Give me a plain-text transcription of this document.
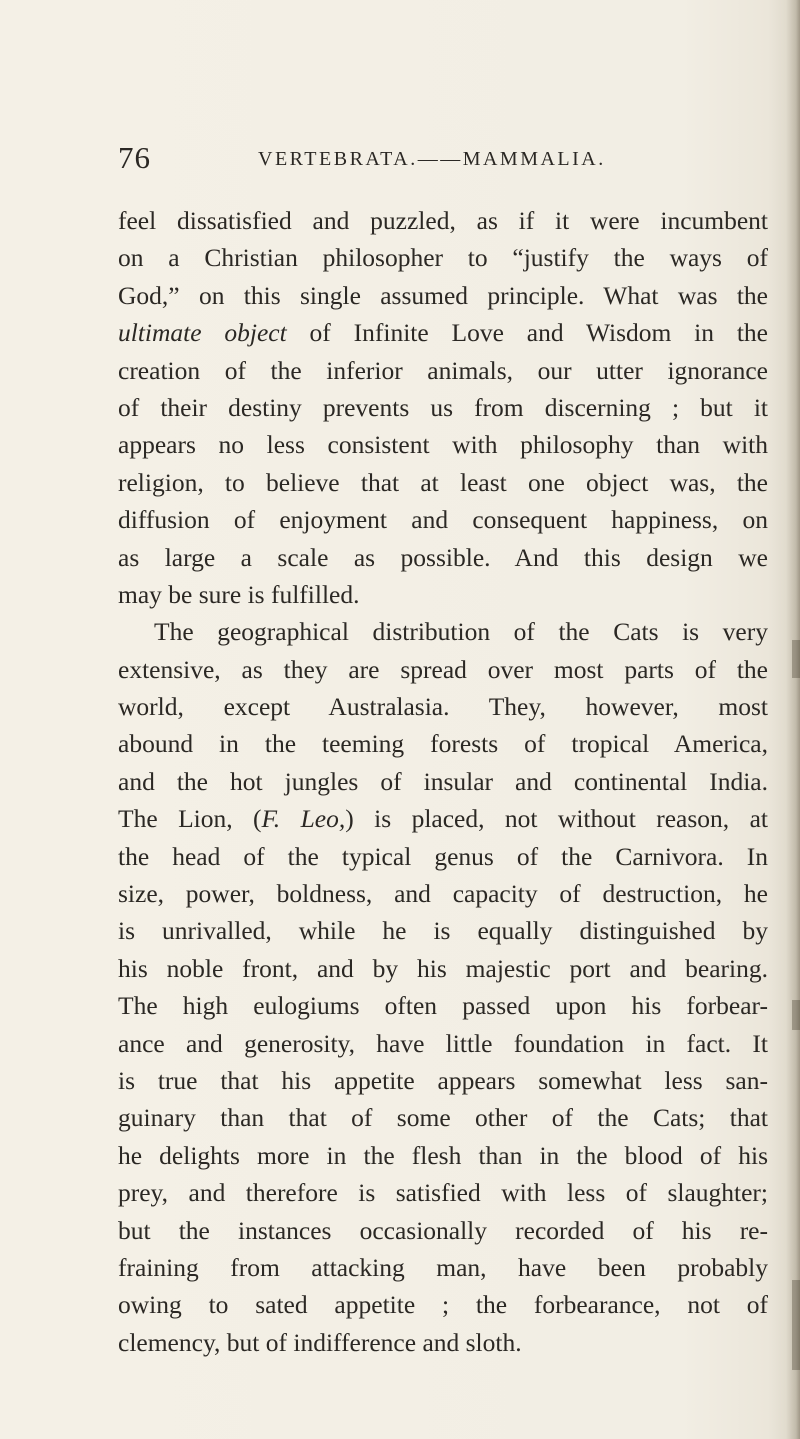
76	VERTEBRATA.——MAMMALIA.
feel dissatisfied and puzzled, as if it were incumbent
on a Christian philosopher to “justify the ways of
God,” on this single assumed principle. What was the
ultimate object of Infinite Love and Wisdom in the
creation of the inferior animals, our utter ignorance
of their destiny prevents us from discerning ; but it
appears no less consistent with philosophy than with
religion, to believe that at least one object was, the
diffusion of enjoyment and consequent happiness, on
as large a scale as possible. And this design we
may be sure is fulfilled.
The geographical distribution of the Cats is very
extensive, as they are spread over most parts of the
world, except Australasia. They, however, most
abound in the teeming forests of tropical America,
and the hot jungles of insular and continental India.
The Lion, (F. Leo,) is placed, not without reason, at
the head of the typical genus of the Carnivora. In
size, power, boldness, and capacity of destruction, he
is unrivalled, while he is equally distinguished by
his noble front, and by his majestic port and bearing.
The high eulogiums often passed upon his forbear-
ance and generosity, have little foundation in fact. It
is true that his appetite appears somewhat less san-
guinary than that of some other of the Cats; that
he delights more in the flesh than in the blood of his
prey, and therefore is satisfied with less of slaughter;
but the instances occasionally recorded of his re-
fraining from attacking man, have been probably
owing to sated appetite ; the forbearance, not of
clemency, but of indifference and sloth.
